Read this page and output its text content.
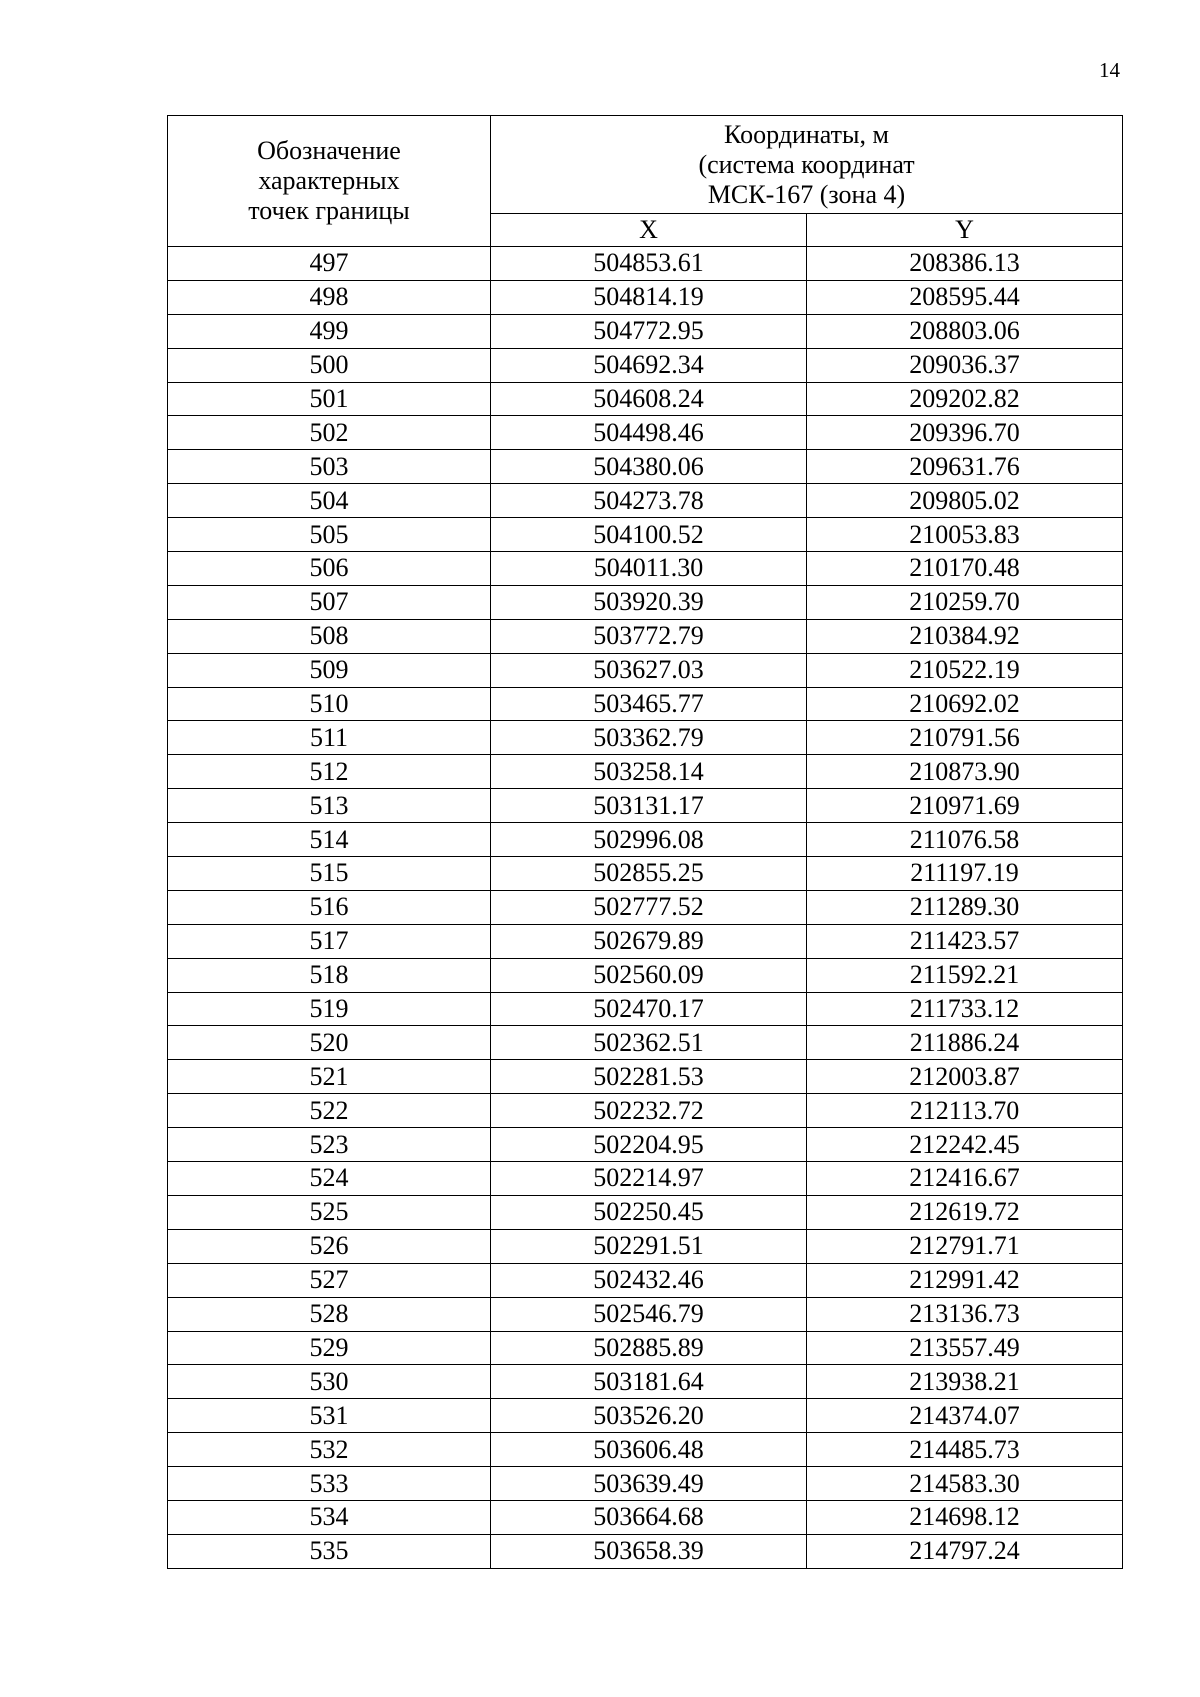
14
Обозначение
характерных
точек границы	Координаты, м
(система координат
МСК-167 (зона 4)	

	X	Y
497	504853.61	208386.13
498	504814.19	208595.44
499	504772.95	208803.06
500	504692.34	209036.37
501	504608.24	209202.82
502	504498.46	209396.70
503	504380.06	209631.76
504	504273.78	209805.02
505	504100.52	210053.83
506	504011.30	210170.48
507	503920.39	210259.70
508	503772.79	210384.92
509	503627.03	210522.19
510	503465.77	210692.02
511	503362.79	210791.56
512	503258.14	210873.90
513	503131.17	210971.69
514	502996.08	211076.58
515	502855.25	211197.19
516	502777.52	211289.30
517	502679.89	211423.57
518	502560.09	211592.21
519	502470.17	211733.12
520	502362.51	211886.24
521	502281.53	212003.87
522	502232.72	212113.70
523	502204.95	212242.45
524	502214.97	212416.67
525	502250.45	212619.72
526	502291.51	212791.71
527	502432.46	212991.42
528	502546.79	213136.73
529	502885.89	213557.49
530	503181.64	213938.21
531	503526.20	214374.07
532	503606.48	214485.73
533	503639.49	214583.30
534	503664.68	214698.12
535	503658.39	214797.24
